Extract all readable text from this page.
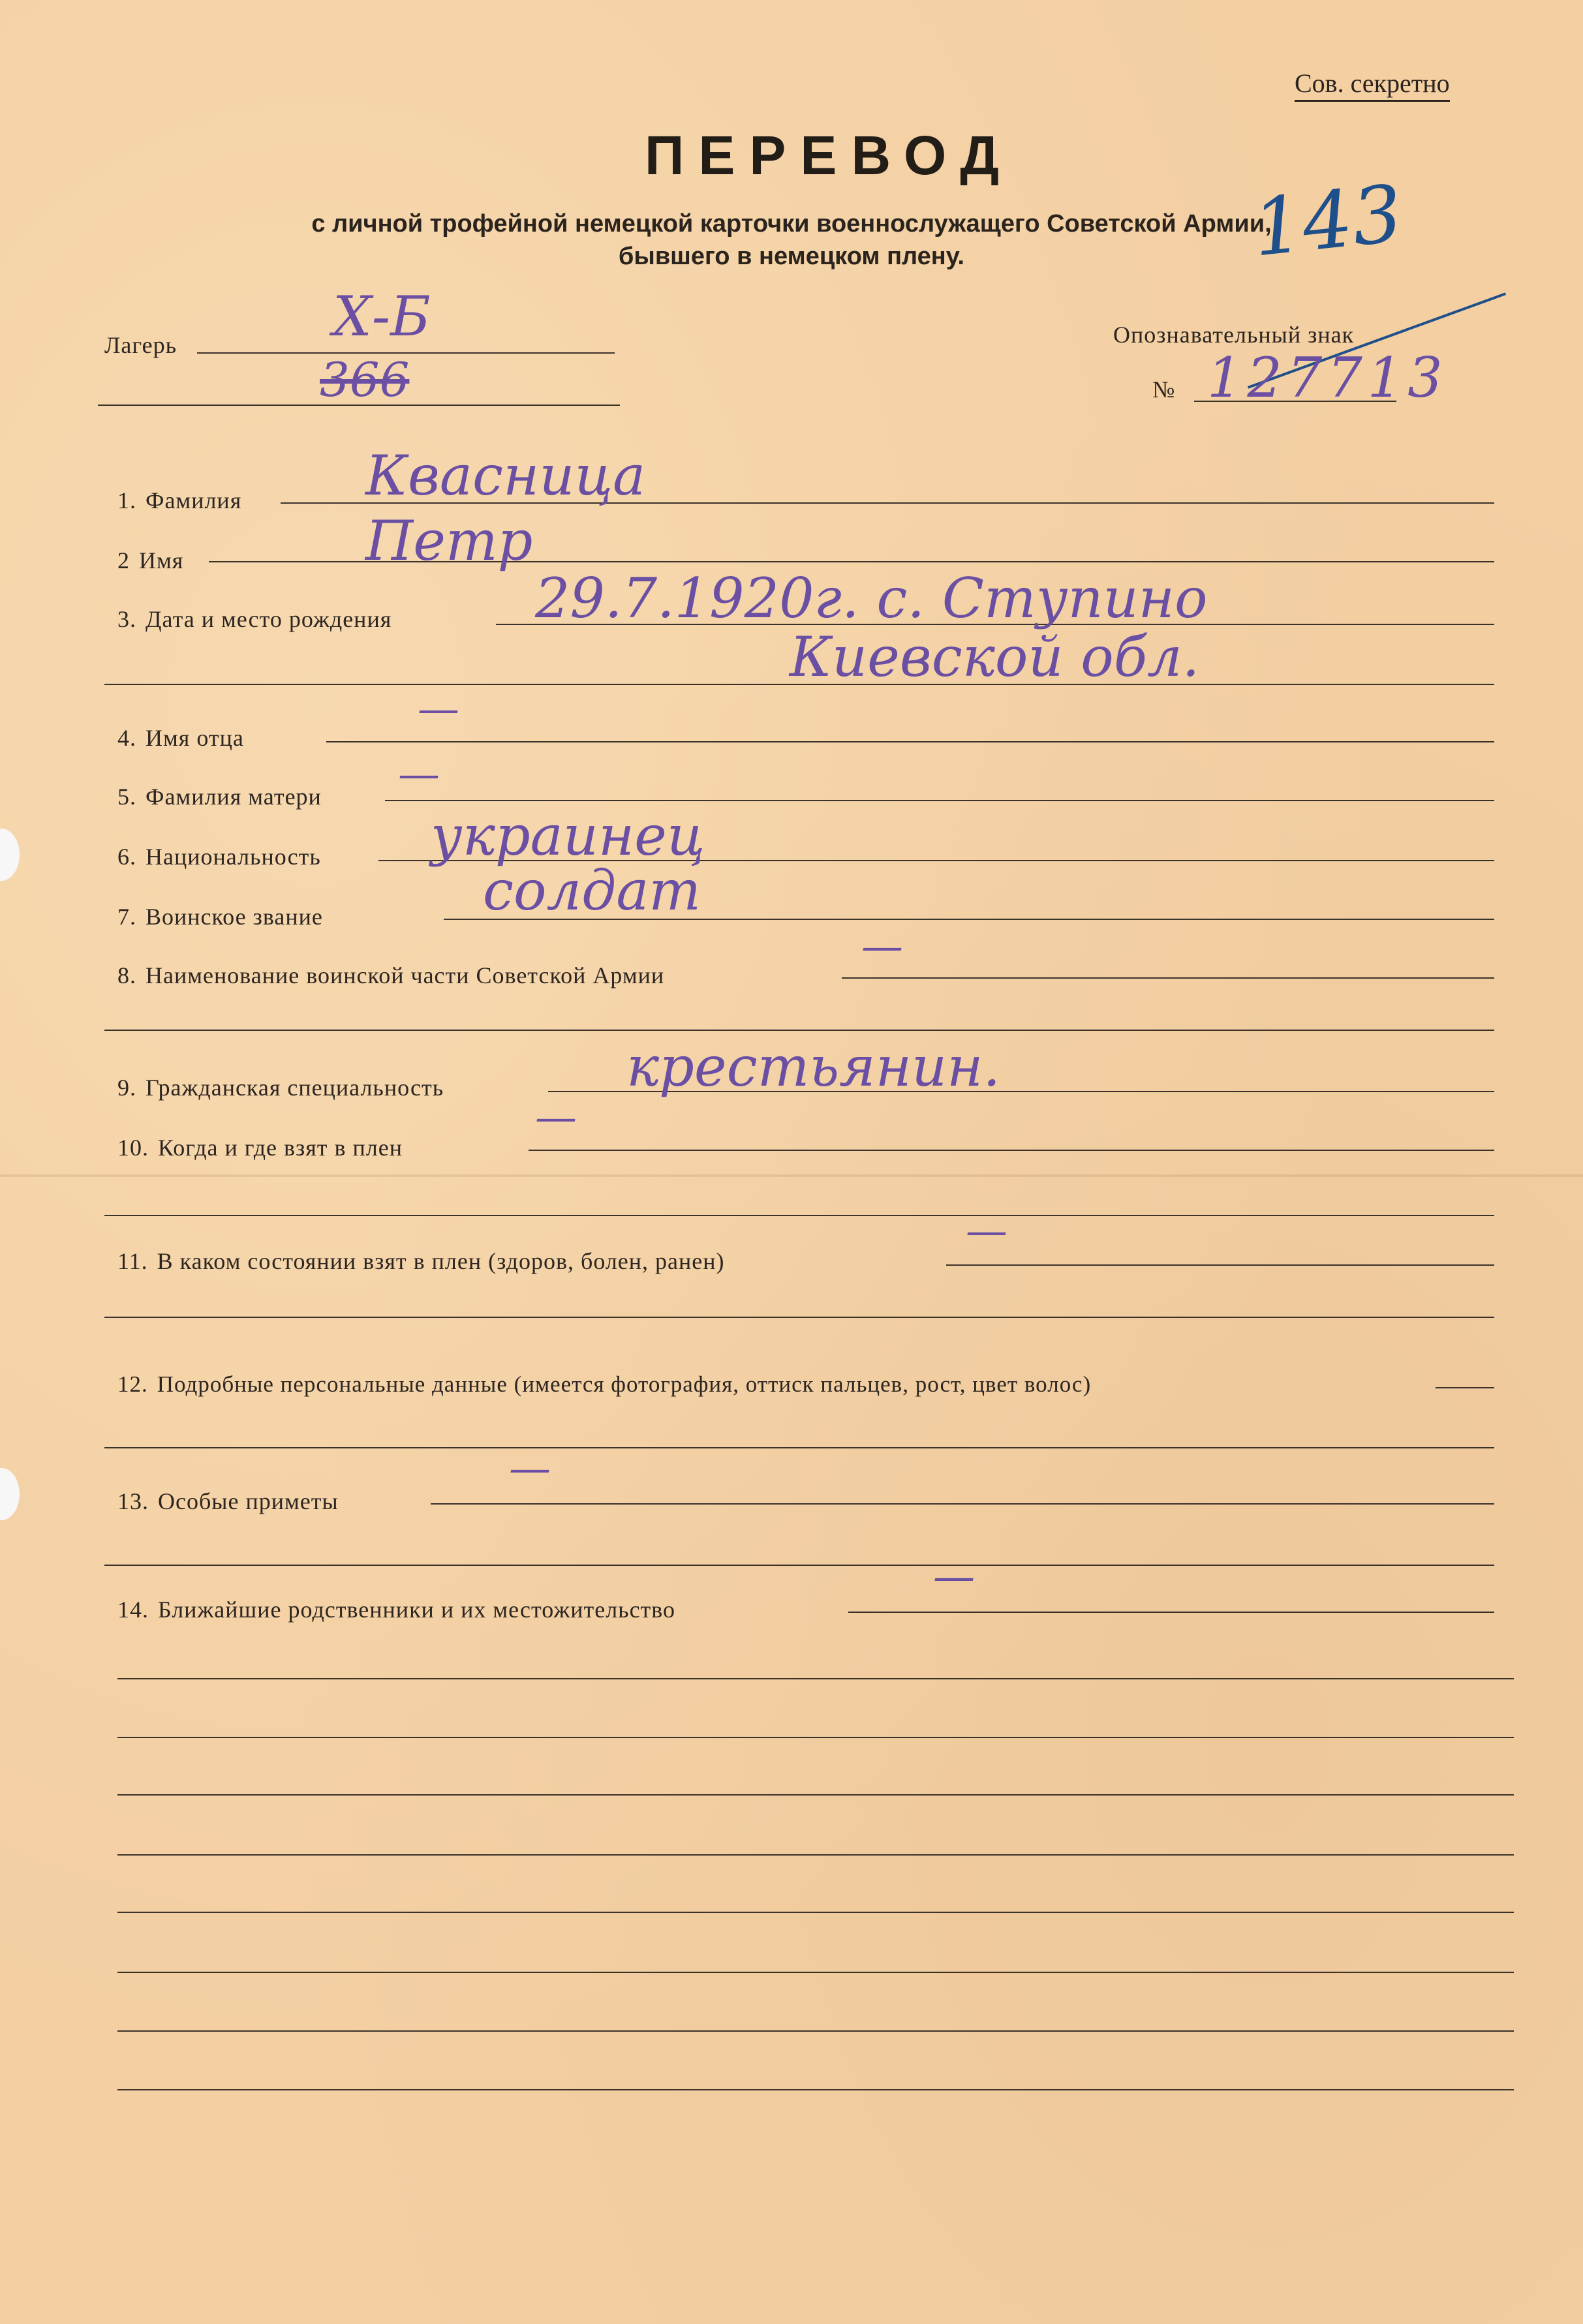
Сов. секретно
ПЕРЕВОД
с личной трофейной немецкой карточки военнослужащего Советской Армии,
бывшего в немецком плену.	143
Лагерь	Х-Б
366
Опознавательный знак
№ 127713
1. Фамилия Квасница
2 Имя	Петр
3. Дата и место рождения	29.7.1920г. с. Ступино
Киевской обл.
4. Имя отца
—
5. Фамилия матери —
6. Национальность украинец
7. Воинское звание	солдат
8. Наименование воинской части Советской Армии
—
9. Гражданская специальность	крестьянин.
10. Когда и где взят в плен
—
11. В каком состоянии взят в плен (здоров, болен, ранен)
—
12. Подробные персональные данные (имеется фотография, оттиск пальцев, рост, цвет волос)
13. Особые приметы
—
14. Ближайшие родственники и их местожительство
—
